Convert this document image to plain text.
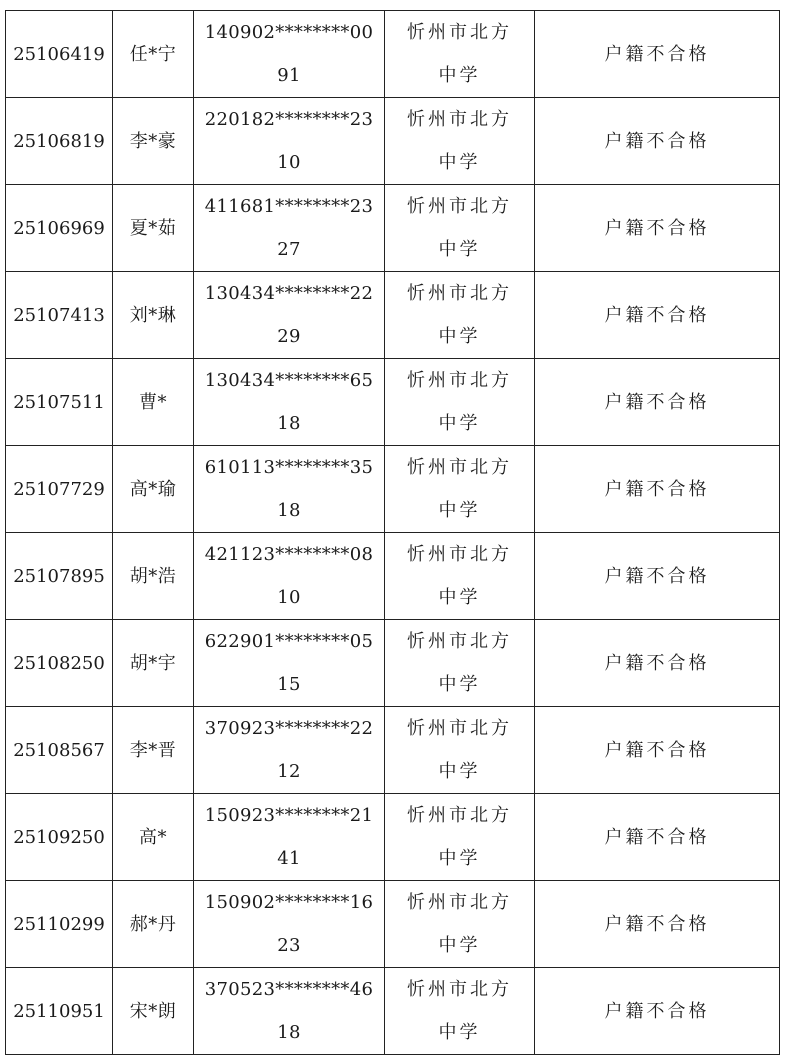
25106419	任*宁	140902********0091	忻州市北方中学	户籍不合格
25106819	李*豪	220182********2310	忻州市北方中学	户籍不合格
25106969	夏*茹	411681********2327	忻州市北方中学	户籍不合格
25107413	刘*琳	130434********2229	忻州市北方中学	户籍不合格
25107511	曹*	130434********6518	忻州市北方中学	户籍不合格
25107729	高*瑜	610113********3518	忻州市北方中学	户籍不合格
25107895	胡*浩	421123********0810	忻州市北方中学	户籍不合格
25108250	胡*宇	622901********0515	忻州市北方中学	户籍不合格
25108567	李*晋	370923********2212	忻州市北方中学	户籍不合格
25109250	高*	150923********2141	忻州市北方中学	户籍不合格
25110299	郝*丹	150902********1623	忻州市北方中学	户籍不合格
25110951	宋*朗	370523********4618	忻州市北方中学	户籍不合格
